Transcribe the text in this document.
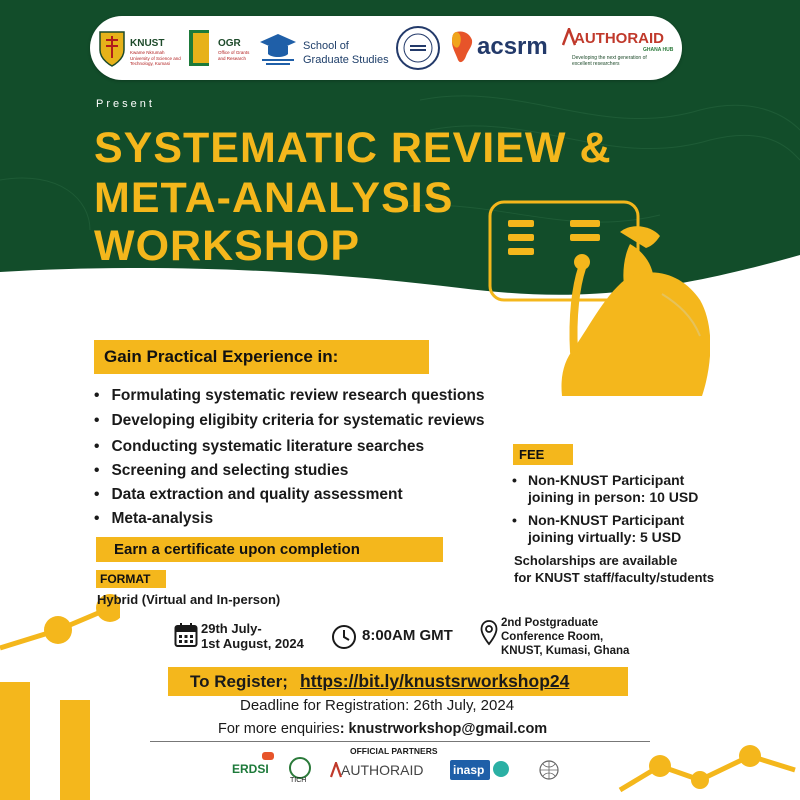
KNUST
Kwame Nkrumah University of Science and Technology, Kumasi
OGR
Office of Grants and Research
School of
Graduate Studies	acsrm AUTHORAID
GHANA HUB
Developing the next generation of excellent researchers
Present
SYSTEMATIC REVIEW &
META-ANALYSIS
WORKSHOP
Gain Practical Experience in:
• Formulating systematic review research questions
• Developing eligibity criteria for systematic reviews
• Conducting systematic literature searches
• Screening and selecting studies
• Data extraction and quality assessment
• Meta-analysis
Earn a certificate upon completion
FORMAT
Hybrid (Virtual and In-person)
FEE
• Non-KNUST Participant
joining in person: 10 USD
• Non-KNUST Participant
joining virtually: 5 USD
Scholarships are available
for KNUST staff/faculty/students
29th July-
1st August, 2024	8:00AM GMT
2nd Postgraduate
Conference Room,
KNUST, Kumasi, Ghana
To Register; https://bit.ly/knustsrworkshop24
Deadline for Registration: 26th July, 2024
For more enquiries: knustrworkshop@gmail.com
OFFICIAL PARTNERS
ERDSI
TICH
AUTHORAID inasp
